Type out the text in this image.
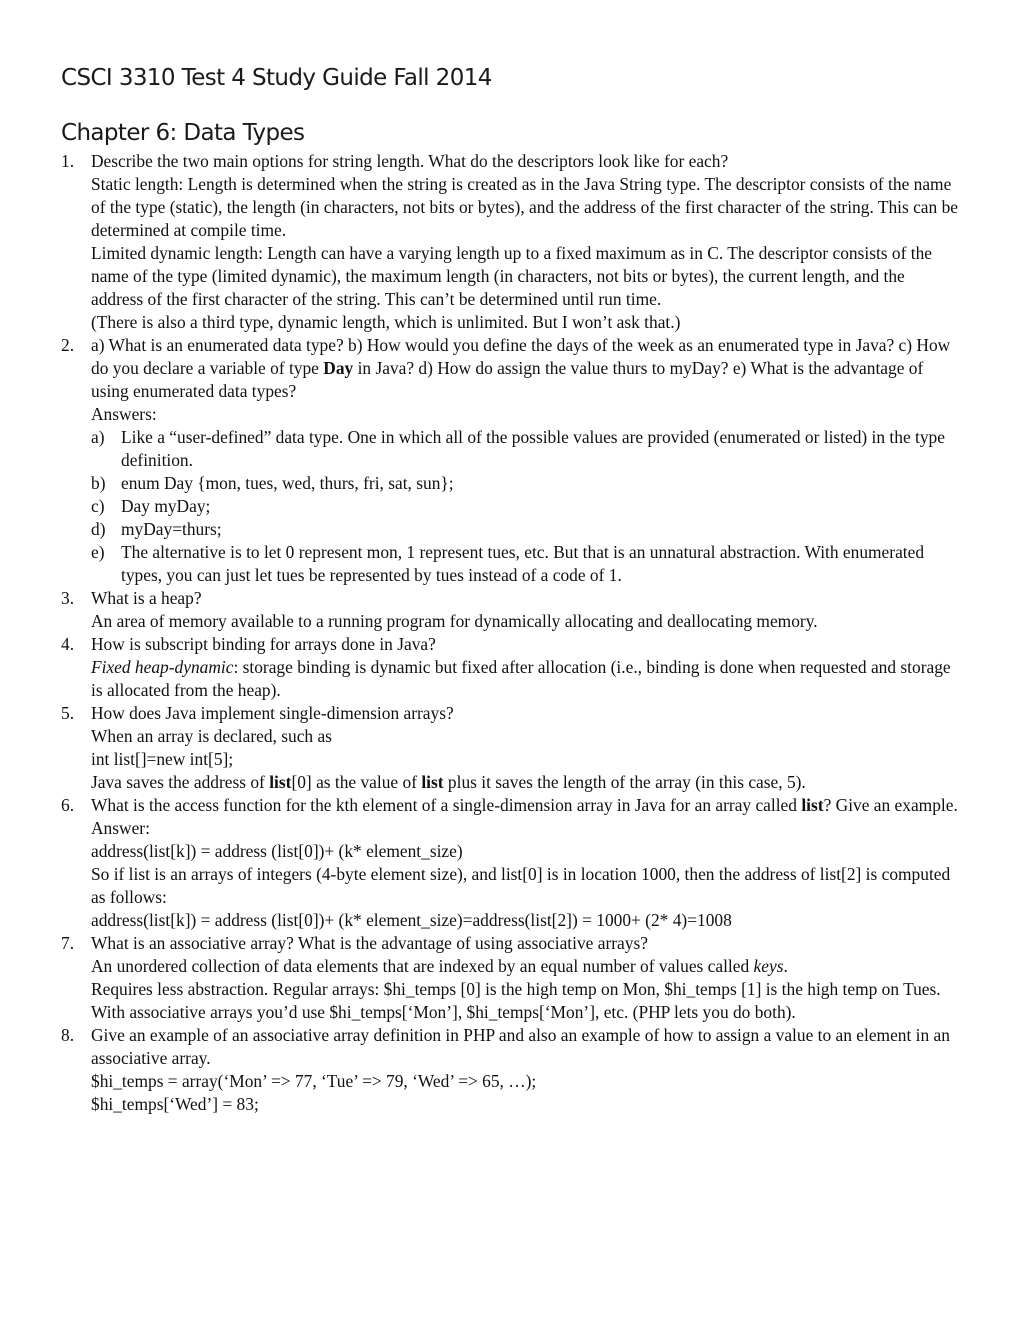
CSCI 3310 Test 4 Study Guide Fall 2014
Chapter 6: Data Types
1. Describe the two main options for string length. What do the descriptors look like for each?

Static length: Length is determined when the string is created as in the Java String type. The descriptor consists of the name of the type (static), the length (in characters, not bits or bytes), and the address of the first character of the string. This can be determined at compile time.

Limited dynamic length: Length can have a varying length up to a fixed maximum as in C. The descriptor consists of the name of the type (limited dynamic), the maximum length (in characters, not bits or bytes), the current length, and the address of the first character of the string. This can’t be determined until run time.

(There is also a third type, dynamic length, which is unlimited. But I won’t ask that.)

2. a) What is an enumerated data type? b) How would you define the days of the week as an enumerated type in Java? c) How do you declare a variable of type Day in Java? d) How do assign the value thurs to myDay? e) What is the advantage of using enumerated data types?

Answers:

a) Like a “user-defined” data type. One in which all of the possible values are provided (enumerated or listed) in the type definition.
b) enum Day {mon, tues, wed, thurs, fri, sat, sun};
c) Day myDay;
d) myDay=thurs;
e) The alternative is to let 0 represent mon, 1 represent tues, etc. But that is an unnatural abstraction. With enumerated types, you can just let tues be represented by tues instead of a code of 1.
3. What is a heap?

An area of memory available to a running program for dynamically allocating and deallocating memory.

4. How is subscript binding for arrays done in Java?

Fixed heap-dynamic: storage binding is dynamic but fixed after allocation (i.e., binding is done when requested and storage is allocated from the heap).

5. How does Java implement single-dimension arrays?

When an array is declared, such as

int list[]=new int[5];

Java saves the address of list[0] as the value of list plus it saves the length of the array (in this case, 5).

6. What is the access function for the kth element of a single-dimension array in Java for an array called list? Give an example.

Answer:

address(list[k]) = address (list[0])+ (k* element_size)

So if list is an arrays of integers (4-byte element size), and list[0] is in location 1000, then the address of list[2] is computed as follows:

address(list[k]) = address (list[0])+ (k* element_size)=address(list[2]) = 1000+ (2* 4)=1008

7. What is an associative array? What is the advantage of using associative arrays?

An unordered collection of data elements that are indexed by an equal number of values called keys.

Requires less abstraction. Regular arrays: $hi_temps [0] is the high temp on Mon, $hi_temps [1] is the high temp on Tues. With associative arrays you’d use $hi_temps[‘Mon’], $hi_temps[‘Mon’], etc. (PHP lets you do both).

8. Give an example of an associative array definition in PHP and also an example of how to assign a value to an element in an associative array.

$hi_temps = array(‘Mon’ => 77, ‘Tue’ => 79, ‘Wed’ => 65, …);

$hi_temps[‘Wed’] = 83;
